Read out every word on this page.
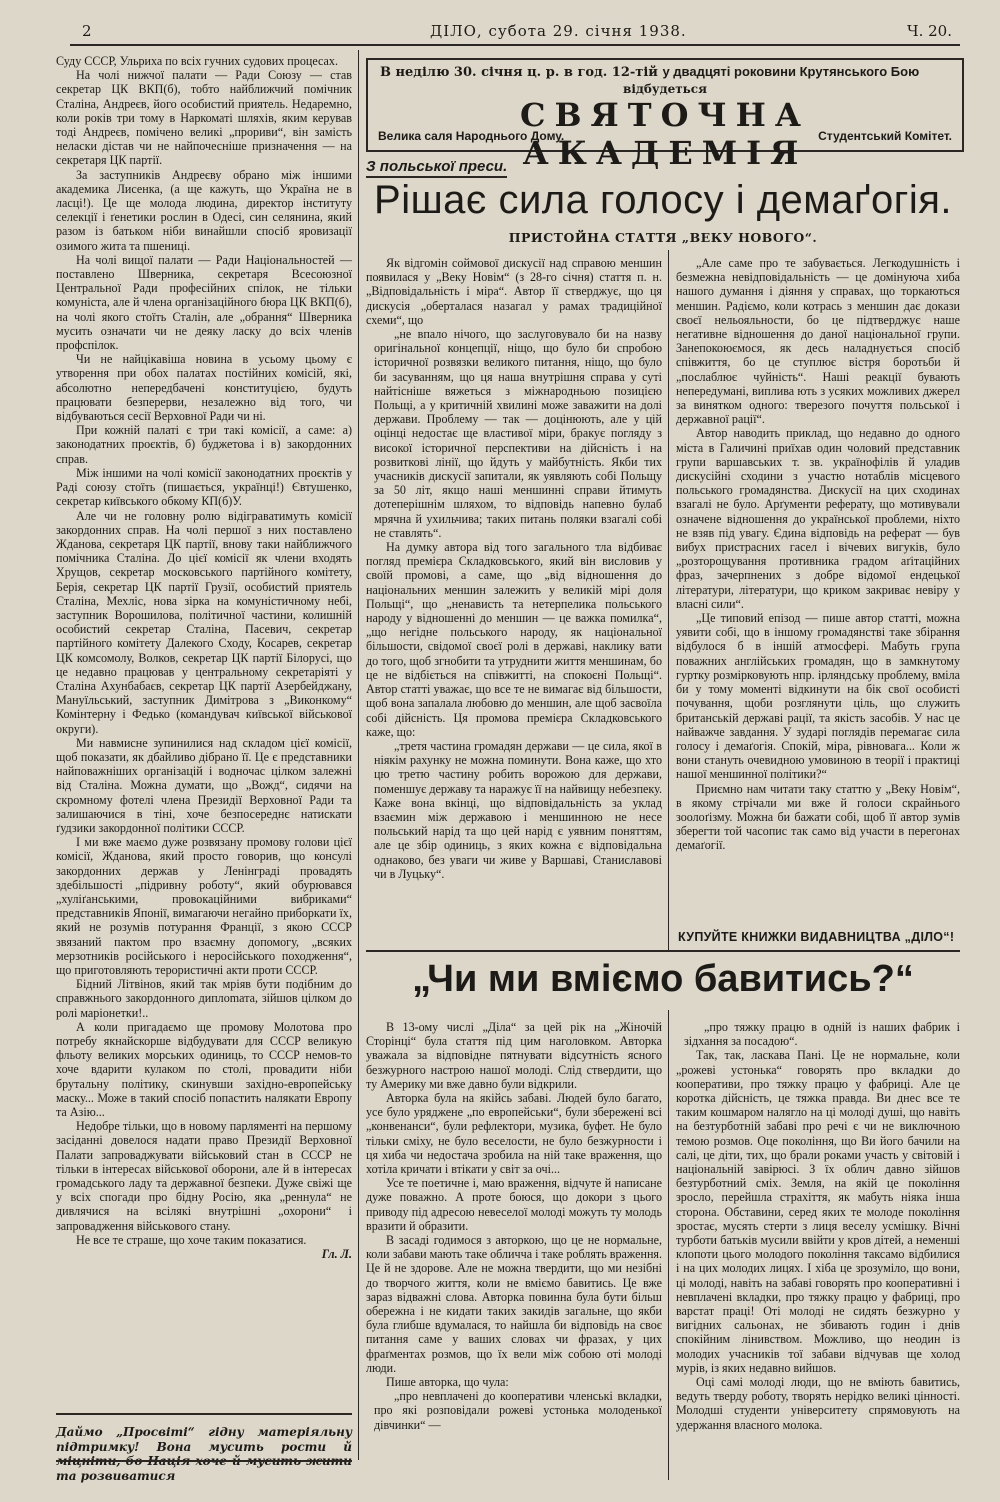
2	ДІЛО, субота 29. січня 1938.	Ч. 20.

Суду СССР, Ульриха по всіх гучних судових процесах.

На чолі нижчої палати — Ради Союзу — став секретар ЦК ВКП(б), тобто найближчий помічник Сталіна, Андреєв, його особистий приятель. Недаремно, коли років три тому в Наркоматі шляхів, яким керував тоді Андреєв, помічено великі „прориви“, він замість нелаcки дістав чи не найпочесніше призначення — на секретаря ЦК партії.

За заступників Андреєву обрано між іншими академика Лисенка, (а ще кажуть, що Україна не в ласці!). Це ще молода людина, директор інституту селекції і ґенетики рослин в Одесі, син селянина, який разом із батьком ніби винайшли спосіб яровизації озимого жита та пшениці.

На чолі вищої палати — Ради Національностей — поставлено Шверника, секретаря Всесоюзної Центральної Ради професійних спілок, не тільки комуніста, але й члена організаційного бюра ЦК ВКП(б), на чолі якого стоїть Сталін, але „обрання“ Шверника мусить означати чи не деяку ласку до всіх членів профспілок.

Чи не найцікавіша новина в усьому цьому є утворення при обох палатах постійних комісій, які, абсолютно непередбачені конституцією, будуть працювати безперерви, незалежно від того, чи відбуваються сесії Верховної Ради чи ні.

При кожній палаті є три такі комісії, а саме: а) законодатних проєктів, б) буджетова і в) закордонних справ.

Між іншими на чолі комісії законодатних проєктів у Раді союзу стоїть (пишається, українці!) Євтушенко, секретар київського обкому КП(б)У.

Але чи не головну ролю відіграватимуть комісії закордонних справ. На чолі першої з них поставлено Жданова, секретаря ЦК партії, внову таки найближчого помічника Сталіна. До цієї комісії як члени входять Хрущов, секретар московського партійного комітету, Берія, секретар ЦК партії Грузії, особистий приятель Сталіна, Мехліс, нова зірка на комуністичному небі, заступник Ворошилова, політичної частини, колишній особистий секретар Сталіна, Пасевич, секретар партійного комітету Далекого Сходу, Косарев, секретар ЦК комсомолу, Волков, секретар ЦК партії Білорусі, що це недавно працював у центральному секретаріяті у Сталіна Ахунбабаєв, секретар ЦК партії Азербейджану, Мануїльський, заступник Димітрова з „Виконкому“ Комінтерну і Федько (командувач київської військової округи).

Ми навмисне зупинилися над складом цієї комісії, щоб показати, як дбайливо дібрано її. Це є представники найповажніших організацій і водночас цілком залежні від Сталіна. Можна думати, що „Вожд“, сидячи на скромному фотелі члена Президії Верховної Ради та залишаючися в тіні, хоче безпосереднє натискати ґудзики закордонної політики СССР.

І ми вже маємо дуже розвязану промову голови цієї комісії, Жданова, який просто говорив, що консулі закордонних держав у Ленінграді провадять здебільшості „підривну роботу“, який обурювався „хуліґанськими, провокаційними вибриками“ представників Японії, вимагаючи негайно приборкати їх, який не розумів потурання Франції, з якою СССР звязаний пактом про взаємну допомогу, „всяких мерзотників російського і неросійського походження“, що приготовляють терористичні акти проти СССР.

Бідний Літвінов, який так мріяв бути подібним до справжнього закордонного диплomата, зійшов цілком до ролі маріонетки!..

А коли пригадаємо ще промову Молотова про потребу якнайскорше відбудувати для СССР великую фльоту великих морських одиниць, то СССР немов-то хоче вдарити кулаком по столі, провадити ніби брутальну політику, скинувши західно-европейську маску... Може в такий спосіб попастить налякати Европу та Азію...

Недобре тільки, що в новому парляменті на першому засіданні довелося надати право Президії Верховної Палати запроваджувати військовий стан в СССР не тільки в інтересах військової оборони, але й в інтересах громадського ладу та державної безпеки. Дуже свіжі ще у всіх спогади про бідну Росію, яка „реннула“ не дивлячися на всілякі внутрішні „охорони“ і запровадження військового стану.

Не все те страше, що хоче таким показатися.

Гл. Л.

Даймо „Просвіті“ гідну матеріяльну підтримку! Вона мусить рости й міцніти, бо Нація хоче й мусить жити та розвиватися
В неділю 30. січня ц. р. в год. 12-тій у двадцяті роковини Крутянського Бою
відбудеться
СВЯТОЧНА АКАДЕМІЯ
Велика саля Народнього Дому.	Студентський Комітет.
З польської преси.
Рішає сила голосу і демаґогія.
ПРИСТОЙНА СТАТТЯ „ВЕКУ НОВОГО“.

Як відгомін соймової дискусії над справою меншин появилася у „Веку Новім“ (з 28-го січня) стаття п. н. „Відповідальність і міра“. Автор її стверджує, що ця дискусія „оберталася назагал у рамах традиційної схеми“, що

„не впало нічого, що заслуговувало би на назву оригінальної концепції, ніщо, що було би спробою історичної розвязки великого питання, ніщо, що було би засуванням, що ця наша внутрішня справа у суті найтісніше вяжеться з міжнародньою позицією Польщі, а у критичній хвилині може заважити на долі держави. Проблему — так — доцінюють, але у цій оцінці недостає ще властивої міри, бракує погляду з високої історичної перспективи на дійсність і на розвиткові лінії, що йдуть у майбутність. Якби тих учасників дискусії запитали, як уявляють собі Польщу за 50 літ, якщо наші меншинні справи йтимуть дотеперішнім шляхом, то відповідь напевно булаб мрячна й ухильчива; таких питань поляки взагалі собі не ставлять“.

На думку автора від того загального тла відбиває погляд премієра Складковського, який він висловив у своїй промові, а саме, що „від відношення до національних меншин залежить у великій мірі доля Польщі“, що „ненависть та нетерпелика польського народу у відношенні до меншин — це важка помилка“, „що негідне польського народу, як національної більшости, свідомої своєї ролі в державі, наклику вати до того, щоб згнобити та утруднити життя меншинам, бо це не відбіється на співжитті, на спокоєні Польщі“. Автор статті уважає, що все те не вимагає від більшости, щоб вона запалала любовю до меншин, але щоб засвоїла собі дійсність. Ця промова премієра Складковського каже, що:

„третя частина громадян держави — це сила, якої в ніякім рахунку не можна поминути. Вона каже, що хто цю третю частину робить ворожою для держави, поменшує державу та наражує її на найвищу небезпеку. Каже вона вкінці, що відповідальність за уклад взаємин між державою і меншинною не несе польський нарід та що цей нарід є уявним поняттям, але це збір одиниць, з яких кожна є відповідальна однаково, без уваги чи живе у Варшаві, Станиславові чи в Луцьку“.

„Але саме про те забувається. Легкодушність і безмежна невідповідальність — це домінуюча хиба нашого думання і діяння у справах, що торкаються меншин. Радіємо, коли котрась з меншин дає докази своєї нельояльности, бо це підтверджує наше негативне відношення до даної національної групи. Занепокоюємося, як десь наладнується спосіб співжиття, бо це ступлює вістря боротьби й „послаблює чуйність“. Наші реакції бувають непередумані, виплива ють з усяких можливих джерел за винятком одного: тверезого почуття польської і державної рації“.

Автор наводить приклад, що недавно до одного міста в Галичині приїхав один чоловий представник групи варшавських т. зв. українофілів й уладив дискусійні сходини з участю нотаблів місцевого польського громадянства. Дискусії на цих сходинах взагалі не було. Арґументи реферату, що мотивували означене відношення до української проблеми, ніхто не взяв під увагу. Єдина відповідь на реферат — був вибух пристрасних гасел і вічевих вигуків, було „розторощування противника градом аґітаційних фраз, зачерпнених з добре відомої ендецької літератури, літератури, що криком закриває невіру у власні сили“.

„Це типовий епізод — пише автор статті, можна уявити собі, що в іншому громадянстві таке збірання відбулося б в іншій атмосфері. Мабуть група поважних англійських громадян, що в замкнутому гуртку розмірковують нпр. ірляндську проблему, вміла би у тому моменті відкинути на бік свої особисті почування, щоби розглянути ціль, що служить британській державі рації, та якість засобів. У нас це найважче завдання. У зударі поглядів перемагає сила голосу і демаґогія. Спокій, міра, рівновага... Коли ж вони стануть очевидною умовиною в теорії і практиці нашої меншинної політики?“

Приємно нам читати таку статтю у „Веку Новім“, в якому стрічали ми вже й голоси скрайнього зоолоґізму. Можна би бажати собі, щоб її автор зумів зберегти той часопис так само від участи в перегонах демаґогії.

КУПУЙТЕ КНИЖКИ ВИДАВНИЦТВА „ДІЛО“!
„Чи ми вміємо бавитись?“

В 13-ому числі „Діла“ за цей рік на „Жіночій Сторінці“ була стаття під цим наголовком. Авторка уважала за відповідне пятнувати відсутність ясного безжурного настрою нашої молоді. Слід ствердити, що ту Америку ми вже давно були відкрили.

Авторка була на якійсь забаві. Людей було багато, усе було урядженe „по европейськи“, були збережені всі „конвенанси“, були рефлектори, музика, буфет. Не було тільки сміху, не було веселости, не було безжурности і ця хиба чи недостача зробила на ній таке враження, що хотіла кричати і втікати у світ за очі...

Усе те поетичне і, маю враження, відчуте й написане дуже поважно. А проте боюся, що докори з цього приводу під адресою невеселої молоді можуть ту молодь вразити й образити.

В засаді годимося з авторкою, що це не нормальне, коли забави мають таке обличча і таке роблять враження. Це й не здорове. Але не можна твердити, що ми незібні до творчого життя, коли не вміємо бавитись. Це вже зараз відважні слова. Авторка повинна була бути більш обережна і не кидати таких закидів загальне, що якби була глибше вдумалася, то найшла би відповідь на своє питання саме у ваших словах чи фразах, у цих фраґментах розмов, що їх вели між собою оті молоді люди.

Пише авторка, що чула:

„про невплачені до кооперативи членські вкладки, про які розповідали рожеві устонька молоденької дівчинки“ —

„про тяжку працю в одній із наших фабрик і зідхання за посадою“.

Так, так, ласкава Пані. Це не нормальне, коли „рожеві устонька“ говорять про вкладки до кооперативи, про тяжку працю у фабриці. Але це коротка дійсність, це тяжка правда. Ви днес все те таким кошмаром налягло на ці молоді душі, що навіть на безтурботній забаві про речі є чи не виключною темою розмов. Оце покоління, що Ви його бачили на салі, це діти, тих, що брали роками участь у світовій і національній завірюсі. З їх облич давно зійшов безтурботний сміх. Земля, на якій це покоління зросло, перейшла страхіття, як мабуть ніяка інша сторона. Обставини, серед яких те молоде покоління зростає, мусять стерти з лиця веселу усмішку. Вічні турботи батьків мусили ввійти у кров дітей, а неменші клопоти цього молодого покоління таксамо відбилися і на цих молодих лицях. І хіба це зрозуміло, що вони, ці молоді, навіть на забаві говорять про кооперативні і невплачені вкладки, про тяжку працю у фабриці, про варстат праці! Оті молоді не сидять безжурно у вигідних сальонах, не збивають годин і днів спокійним лінивством. Можливо, що неодин із молодих учасників тої забави відчував ще холод мурів, із яких недавно вийшов.

Оці самі молоді люди, що не вміють бавитись, ведуть тверду роботу, творять нерідко великі цінності. Молодші студенти університету спрямовують на удержання власного молока.
